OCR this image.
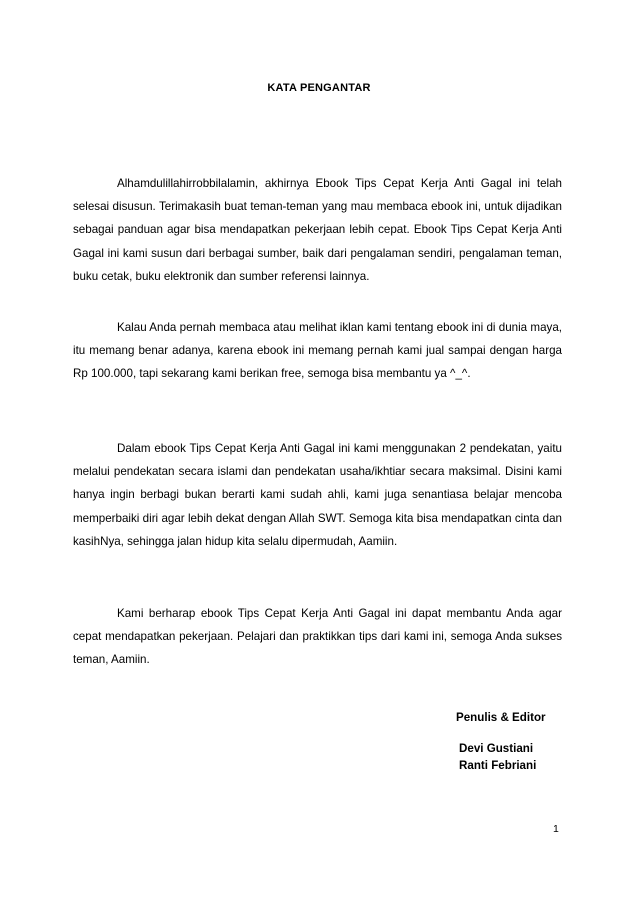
KATA PENGANTAR

Alhamdulillahirrobbilalamin, akhirnya Ebook Tips Cepat Kerja Anti Gagal ini telah selesai disusun. Terimakasih buat teman-teman yang mau membaca ebook ini, untuk dijadikan sebagai panduan agar bisa mendapatkan pekerjaan lebih cepat. Ebook Tips Cepat Kerja Anti Gagal ini kami susun dari berbagai sumber, baik dari pengalaman sendiri, pengalaman teman, buku cetak, buku elektronik dan sumber referensi lainnya.

Kalau Anda pernah membaca atau melihat iklan kami tentang ebook ini di dunia maya, itu memang benar adanya, karena ebook ini memang pernah kami jual sampai dengan harga Rp 100.000, tapi sekarang kami berikan free, semoga bisa membantu ya ^_^.

Dalam ebook Tips Cepat Kerja Anti Gagal ini kami menggunakan 2 pendekatan, yaitu melalui pendekatan secara islami dan pendekatan usaha/ikhtiar secara maksimal. Disini kami hanya ingin berbagi bukan berarti kami sudah ahli, kami juga senantiasa belajar mencoba memperbaiki diri agar lebih dekat dengan Allah SWT. Semoga kita bisa mendapatkan cinta dan kasihNya, sehingga jalan hidup kita selalu dipermudah, Aamiin.

Kami berharap ebook Tips Cepat Kerja Anti Gagal ini dapat membantu Anda agar cepat mendapatkan pekerjaan. Pelajari dan praktikkan tips dari kami ini, semoga Anda sukses teman, Aamiin.

Penulis & Editor
Devi Gustiani
Ranti Febriani
1
